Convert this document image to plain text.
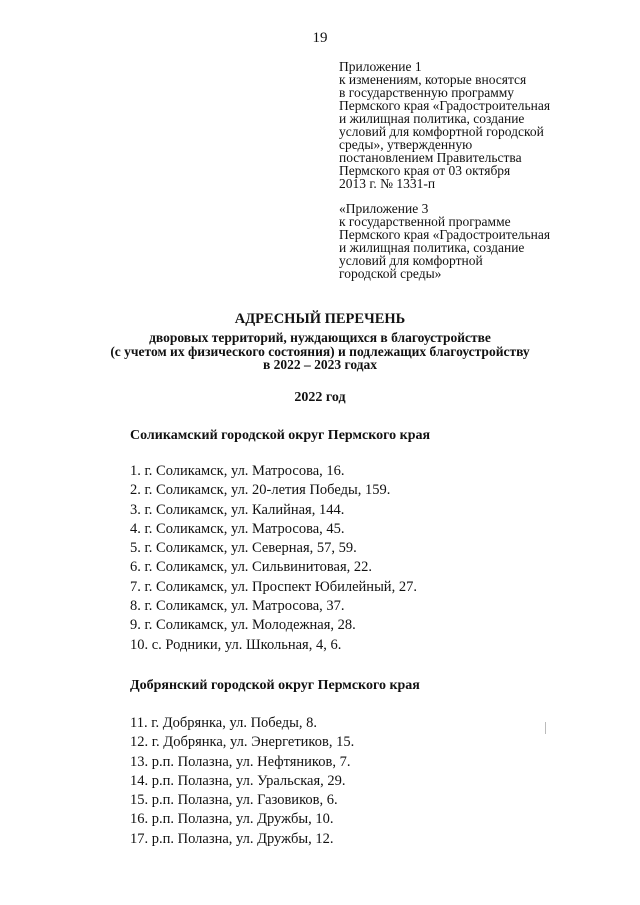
19
Приложение 1
к изменениям, которые вносятся
в государственную программу
Пермского края «Градостроительная
и жилищная политика, создание
условий для комфортной городской
среды», утвержденную
постановлением Правительства
Пермского края от 03 октября
2013 г. № 1331-п
«Приложение 3
к государственной программе
Пермского края «Градостроительная
и жилищная политика, создание
условий для комфортной
городской среды»
АДРЕСНЫЙ ПЕРЕЧЕНЬ
дворовых территорий, нуждающихся в благоустройстве
(с учетом их физического состояния) и подлежащих благоустройству
в 2022 – 2023 годах
2022 год
Соликамский городской округ Пермского края
1. г. Соликамск, ул. Матросова, 16.
2. г. Соликамск, ул. 20-летия Победы, 159.
3. г. Соликамск, ул. Калийная, 144.
4. г. Соликамск, ул. Матросова, 45.
5. г. Соликамск, ул. Северная, 57, 59.
6. г. Соликамск, ул. Сильвинитовая, 22.
7. г. Соликамск, ул. Проспект Юбилейный, 27.
8. г. Соликамск, ул. Матросова, 37.
9. г. Соликамск, ул. Молодежная, 28.
10. с. Родники, ул. Школьная, 4, 6.
Добрянский городской округ Пермского края
11. г. Добрянка, ул. Победы, 8.
12. г. Добрянка, ул. Энергетиков, 15.
13. р.п. Полазна, ул. Нефтяников, 7.
14. р.п. Полазна, ул. Уральская, 29.
15. р.п. Полазна, ул. Газовиков, 6.
16. р.п. Полазна, ул. Дружбы, 10.
17. р.п. Полазна, ул. Дружбы, 12.
